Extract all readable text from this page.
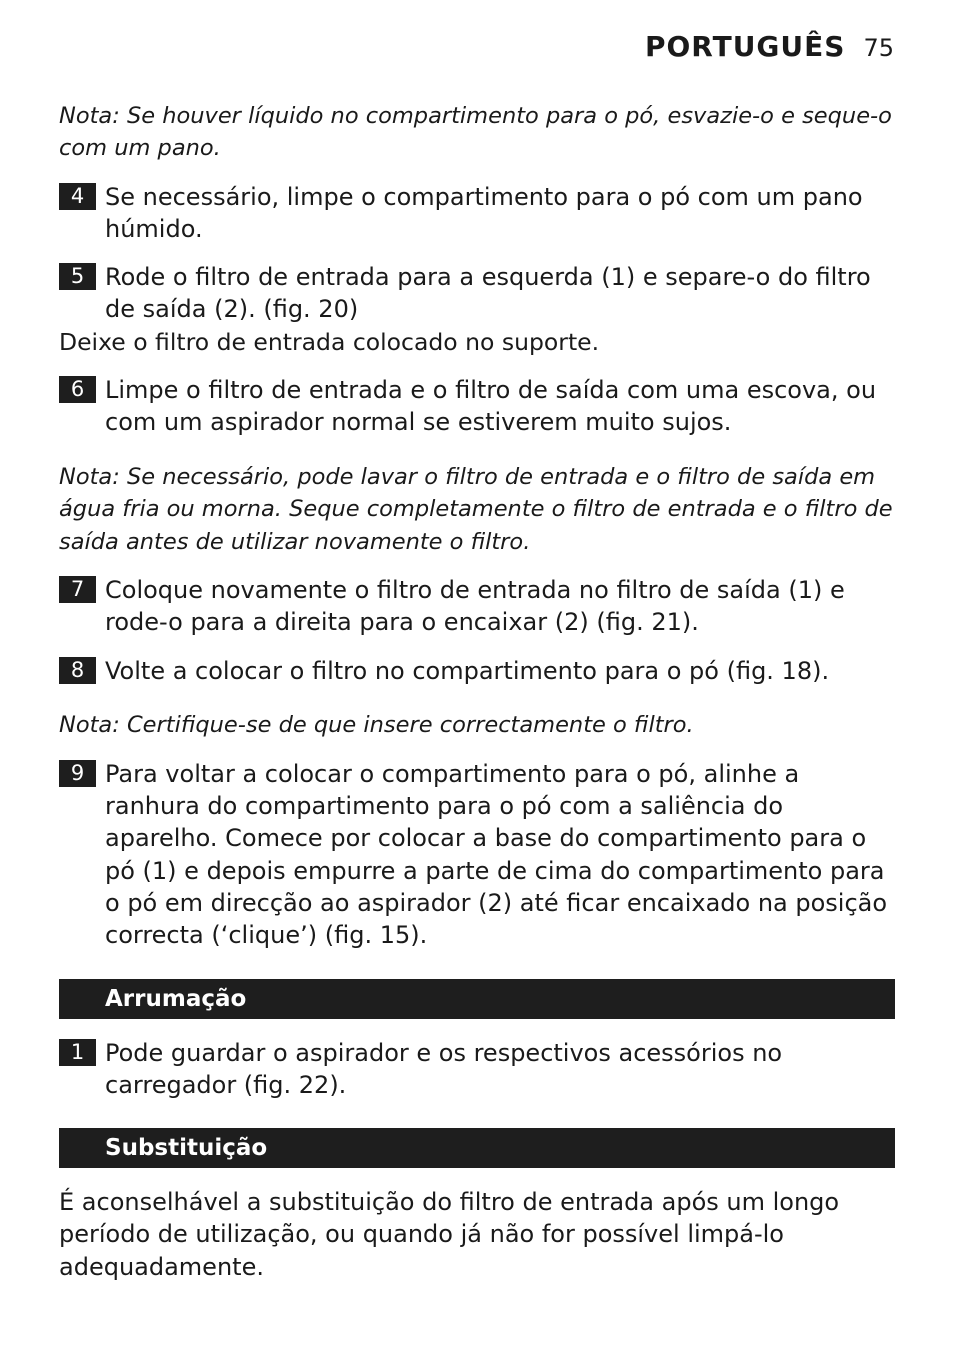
PORTUGUÊS 75

Nota: Se houver líquido no compartimento para o pó, esvazie-o e seque-o com um pano.

4 Se necessário, limpe o compartimento para o pó com um pano húmido.
5 Rode o filtro de entrada para a esquerda (1) e separe-o do filtro de saída (2). (fig. 20)

Deixe o filtro de entrada colocado no suporte.

6 Limpe o filtro de entrada e o filtro de saída com uma escova, ou com um aspirador normal se estiverem muito sujos.

Nota: Se necessário, pode lavar o filtro de entrada e o filtro de saída em água fria ou morna. Seque completamente o filtro de entrada e o filtro de saída antes de utilizar novamente o filtro.

7 Coloque novamente o filtro de entrada no filtro de saída (1) e rode-o para a direita para o encaixar (2) (fig. 21).
8 Volte a colocar o filtro no compartimento para o pó (fig. 18).

Nota: Certifique-se de que insere correctamente o filtro.

9 Para voltar a colocar o compartimento para o pó, alinhe a ranhura do compartimento para o pó com a saliência do aparelho. Comece por colocar a base do compartimento para o pó (1) e depois empurre a parte de cima do compartimento para o pó em direcção ao aspirador (2) até ficar encaixado na posição correcta (‘clique’) (fig. 15).
Arrumação
1 Pode guardar o aspirador e os respectivos acessórios no carregador (fig. 22).
Substituição

É aconselhável a substituição do filtro de entrada após um longo período de utilização, ou quando já não for possível limpá-lo adequadamente.
